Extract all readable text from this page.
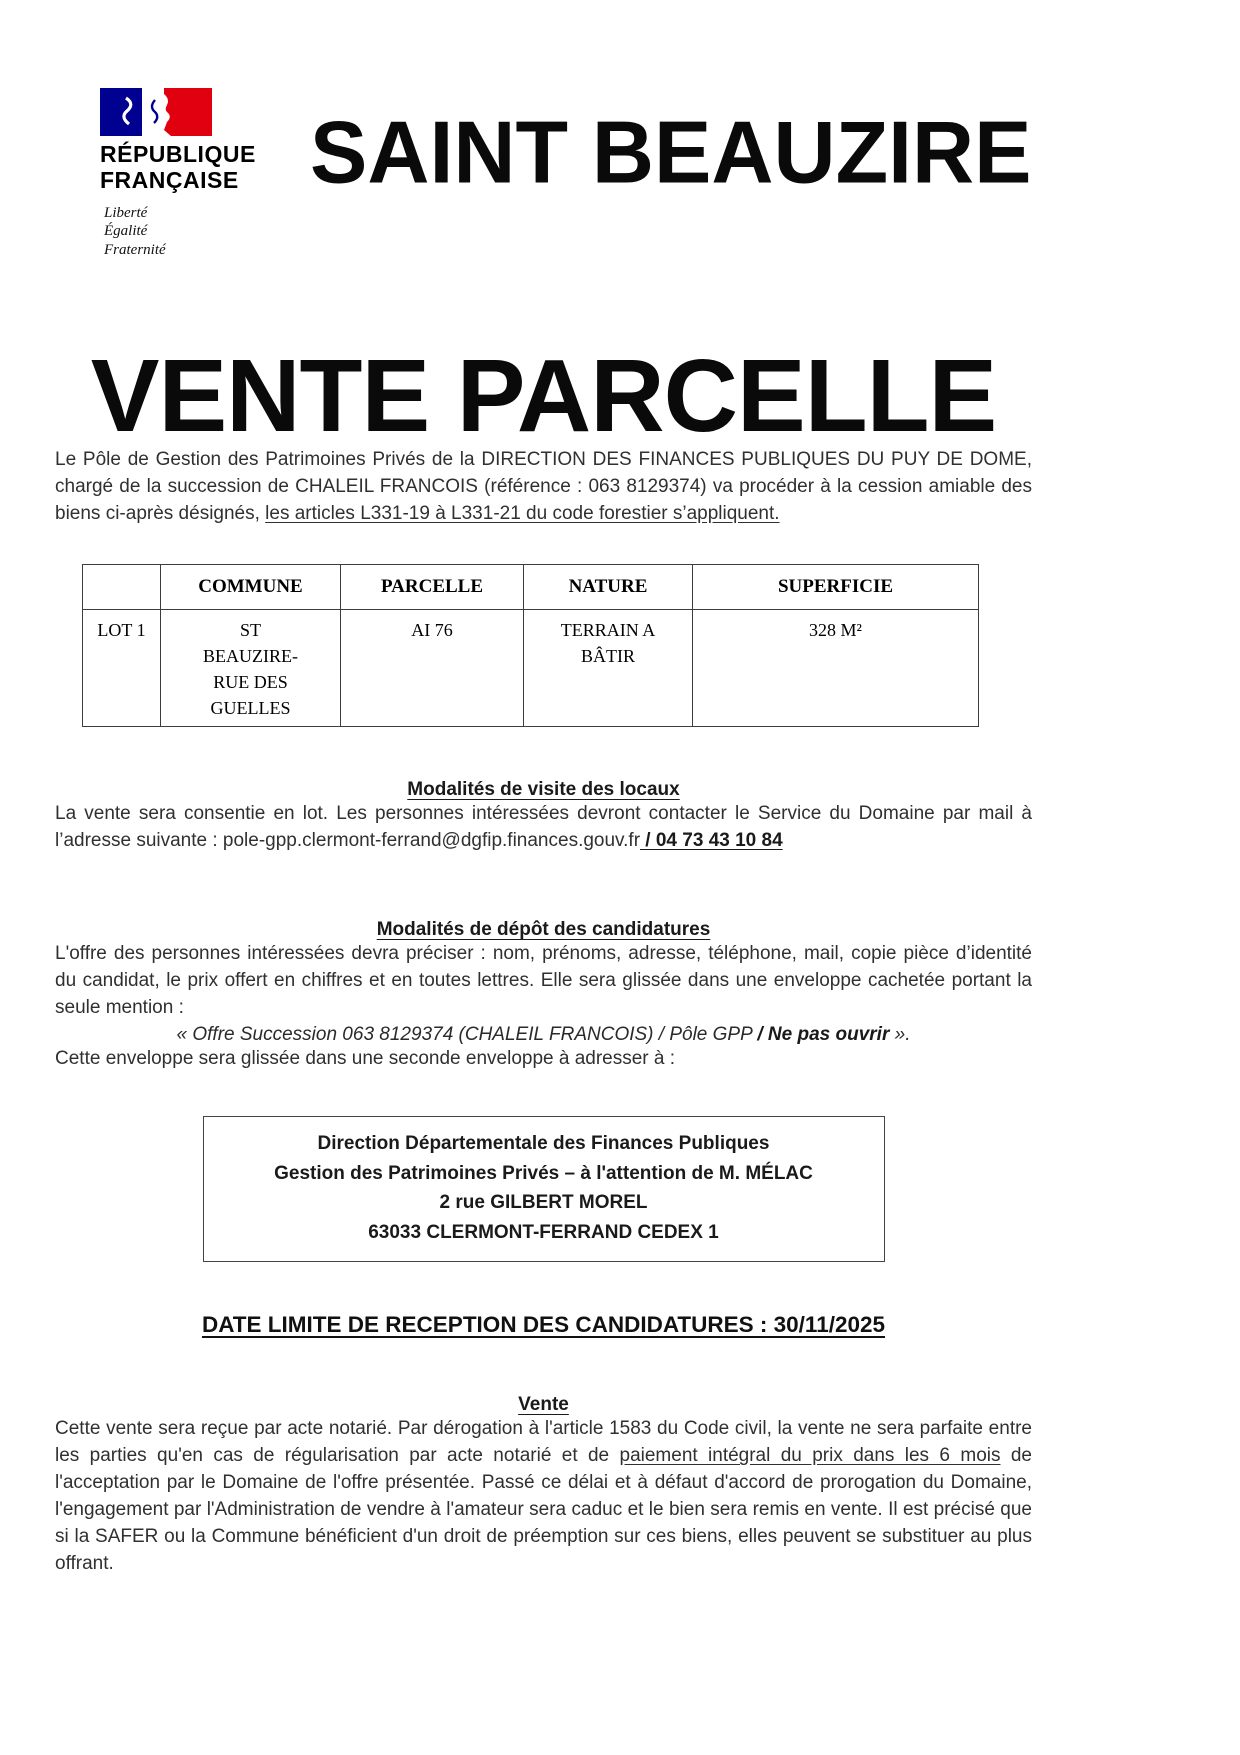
RÉPUBLIQUE
FRANÇAISE
Liberté
Égalité
Fraternité
SAINT BEAUZIRE
VENTE PARCELLE

Le Pôle de Gestion des Patrimoines Privés de la DIRECTION DES FINANCES PUBLIQUES DU PUY DE DOME, chargé de la succession de CHALEIL FRANCOIS (référence : 063 8129374) va procéder à la cession amiable des biens ci-après désignés, les articles L331-19 à L331-21 du code forestier s’appliquent.

	COMMUNE	PARCELLE	NATURE	SUPERFICIE
LOT 1	ST BEAUZIRE-RUE DES GUELLES	AI 76	TERRAIN A BÂTIR	328 M²

Modalités de visite des locaux

La vente sera consentie en lot. Les personnes intéressées devront contacter le Service du Domaine par mail à l’adresse suivante : pole-gpp.clermont-ferrand@dgfip.finances.gouv.fr / 04 73 43 10 84

Modalités de dépôt des candidatures

L'offre des personnes intéressées devra préciser : nom, prénoms, adresse, téléphone, mail, copie pièce d’identité du candidat, le prix offert en chiffres et en toutes lettres. Elle sera glissée dans une enveloppe cachetée portant la seule mention :

« Offre Succession 063 8129374 (CHALEIL FRANCOIS) / Pôle GPP / Ne pas ouvrir ».

Cette enveloppe sera glissée dans une seconde enveloppe à adresser à :

Direction Départementale des Finances Publiques
Gestion des Patrimoines Privés – à l'attention de M. MÉLAC
2 rue GILBERT MOREL
63033 CLERMONT-FERRAND CEDEX 1
DATE LIMITE DE RECEPTION DES CANDIDATURES : 30/11/2025

Vente

Cette vente sera reçue par acte notarié. Par dérogation à l'article 1583 du Code civil, la vente ne sera parfaite entre les parties qu'en cas de régularisation par acte notarié et de paiement intégral du prix dans les 6 mois de l'acceptation par le Domaine de l'offre présentée. Passé ce délai et à défaut d'accord de prorogation du Domaine, l'engagement par l'Administration de vendre à l'amateur sera caduc et le bien sera remis en vente. Il est précisé que si la SAFER ou la Commune bénéficient d'un droit de préemption sur ces biens, elles peuvent se substituer au plus offrant.
